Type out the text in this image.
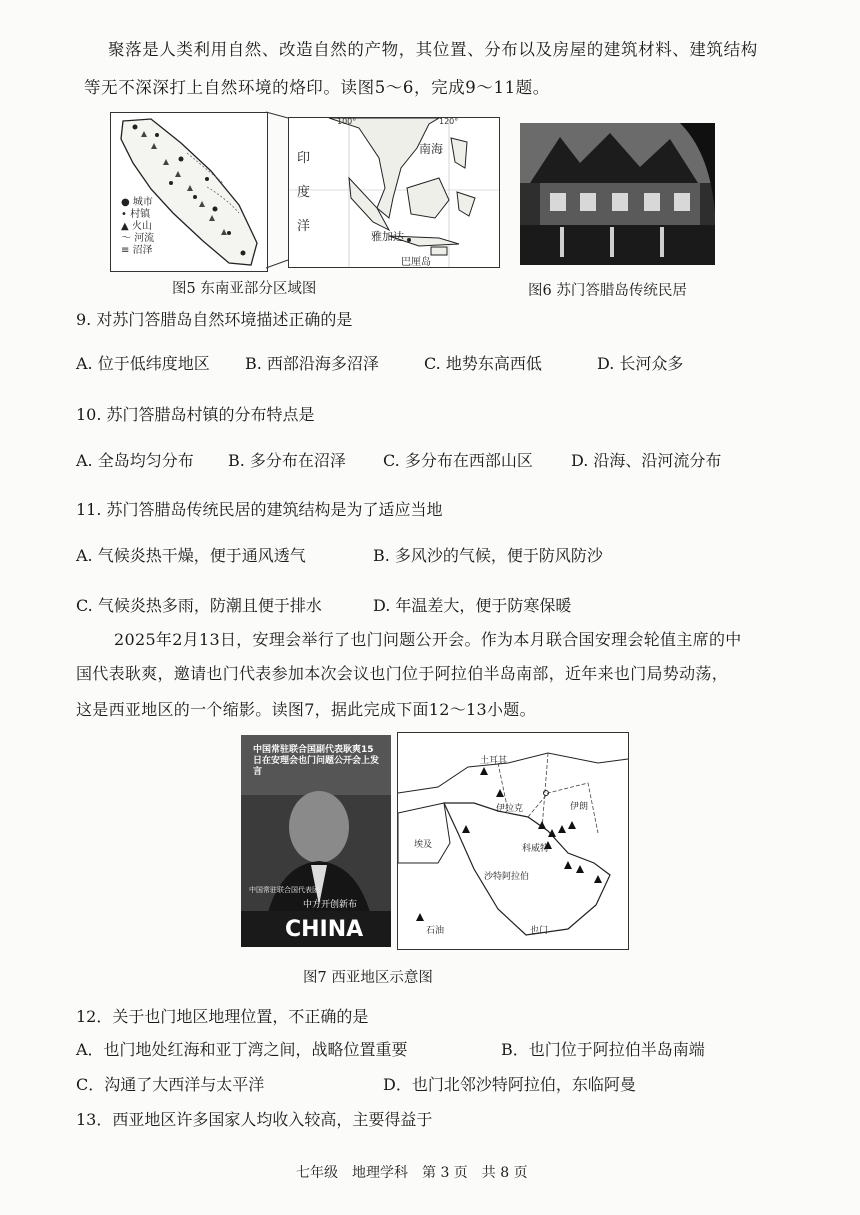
聚落是人类利用自然、改造自然的产物，其位置、分布以及房屋的建筑材料、建筑结构
等无不深深打上自然环境的烙印。读图5～6，完成9～11题。
● 城市
• 村镇
▲ 火山
～ 河流
≡ 沼泽
100°	120°
印
度
洋
南海
雅加达
巴厘岛
图5 东南亚部分区域图	图6 苏门答腊岛传统民居
9. 对苏门答腊岛自然环境描述正确的是
A. 位于低纬度地区 B. 西部沿海多沼泽	C. 地势东高西低	D. 长河众多
10. 苏门答腊岛村镇的分布特点是
A. 全岛均匀分布 B. 多分布在沼泽 C. 多分布在西部山区 D. 沿海、沿河流分布
11. 苏门答腊岛传统民居的建筑结构是为了适应当地
A. 气候炎热干燥，便于通风透气	B. 多风沙的气候，便于防风防沙
C. 气候炎热多雨，防潮且便于排水	D. 年温差大，便于防寒保暖
2025年2月13日，安理会举行了也门问题公开会。作为本月联合国安理会轮值主席的中
国代表耿爽，邀请也门代表参加本次会议也门位于阿拉伯半岛南部，近年来也门局势动荡，
这是西亚地区的一个缩影。读图7，据此完成下面12～13小题。
中国常驻联合国副代表耿爽15日在安理会也门问题公开会上发言
中国常驻联合国代表团
中方开创新布
CHINA
土耳其
伊拉克	伊朗
埃及	科威特
沙特阿拉伯
也门
石油
图7 西亚地区示意图
12．关于也门地区地理位置，不正确的是
A．也门地处红海和亚丁湾之间，战略位置重要	B．也门位于阿拉伯半岛南端
C．沟通了大西洋与太平洋	D．也门北邻沙特阿拉伯，东临阿曼
13．西亚地区许多国家人均收入较高，主要得益于
七年级　地理学科　第 3 页　共 8 页
